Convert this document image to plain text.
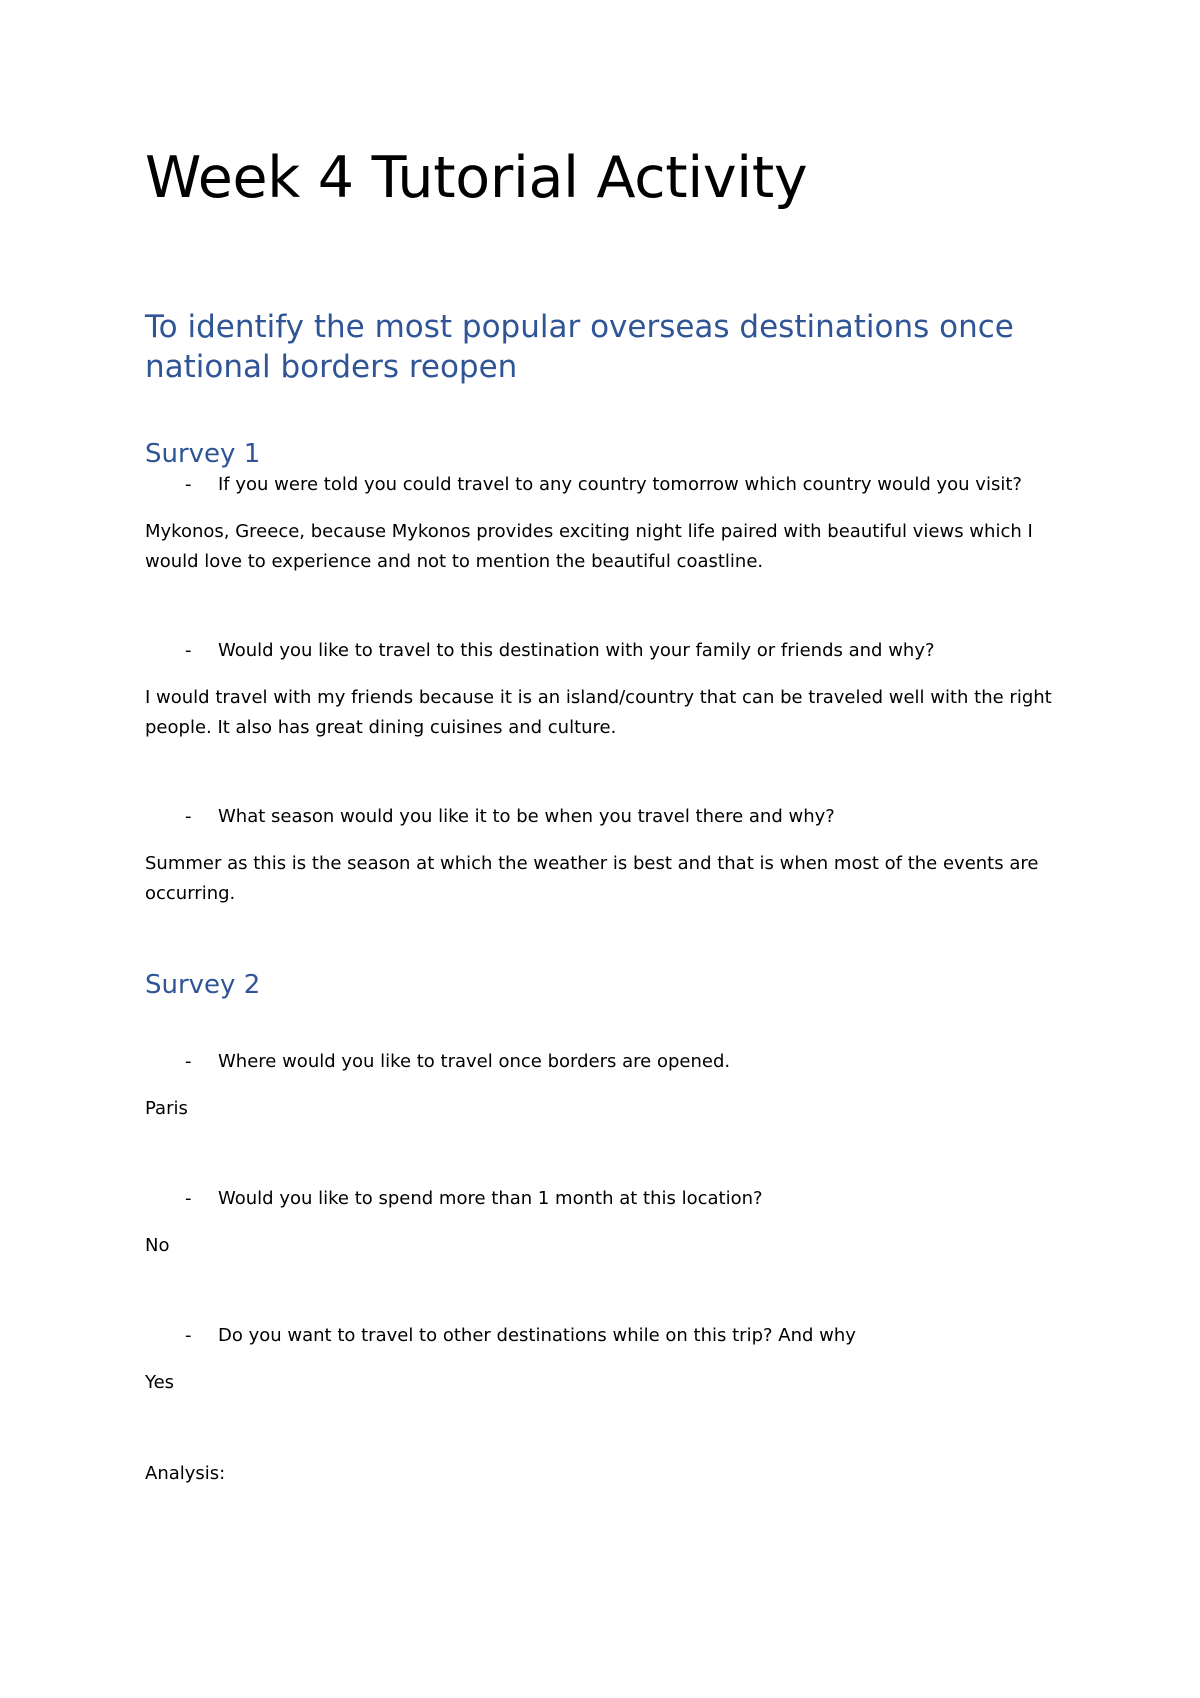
Week 4 Tutorial Activity
To identify the most popular overseas destinations once national borders reopen
Survey 1
- If you were told you could travel to any country tomorrow which country would you visit?

Mykonos, Greece, because Mykonos provides exciting night life paired with beautiful views which I would love to experience and not to mention the beautiful coastline.

- Would you like to travel to this destination with your family or friends and why?

I would travel with my friends because it is an island/country that can be traveled well with the right people. It also has great dining cuisines and culture.

- What season would you like it to be when you travel there and why?

Summer as this is the season at which the weather is best and that is when most of the events are occurring.

Survey 2
- Where would you like to travel once borders are opened.

Paris

- Would you like to spend more than 1 month at this location?

No

- Do you want to travel to other destinations while on this trip? And why

Yes

Analysis:
